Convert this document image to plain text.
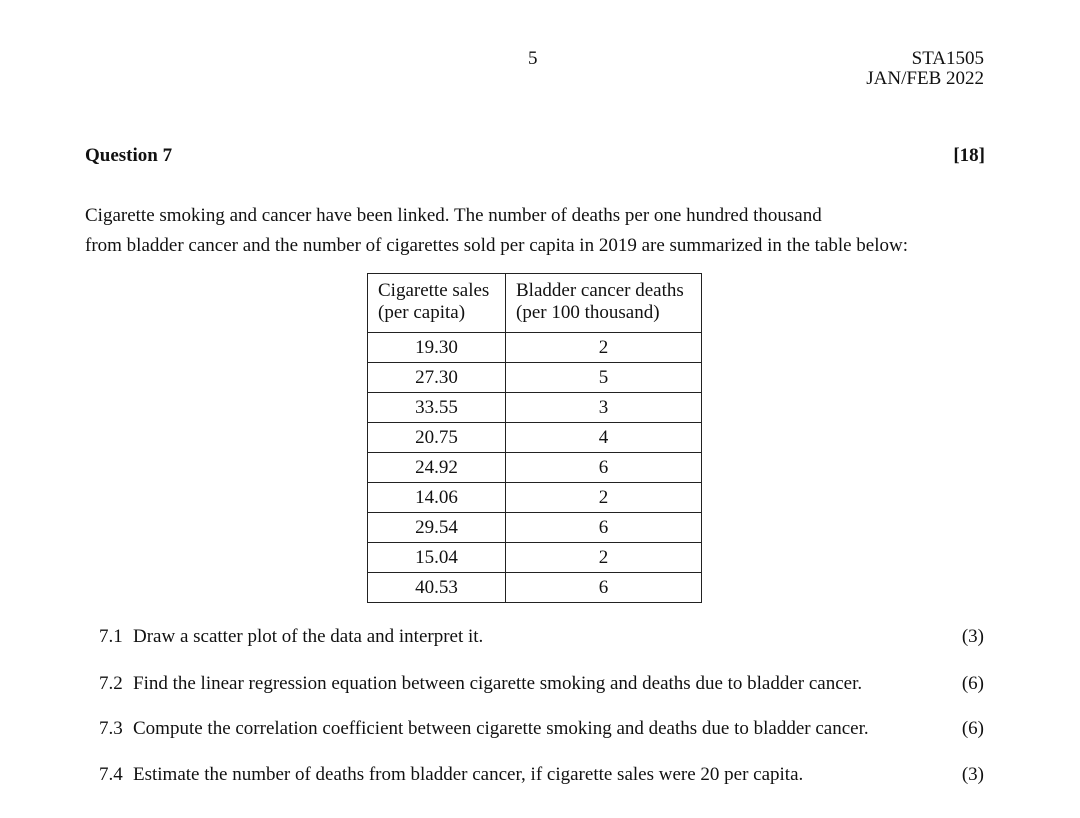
5	STA1505
JAN/FEB 2022
Question 7	[18]
Cigarette smoking and cancer have been linked. The number of deaths per one hundred thousand
from bladder cancer and the number of cigarettes sold per capita in 2019 are summarized in the table below:
Cigarette sales	Bladder cancer deaths
(per capita)	(per 100 thousand)
19.30	2
27.30	5
33.55	3
20.75	4
24.92	6
14.06	2
29.54	6
15.04	2
40.53	6
7.1 Draw a scatter plot of the data and interpret it.	(3)
7.2 Find the linear regression equation between cigarette smoking and deaths due to bladder cancer.	(6)
7.3 Compute the correlation coefficient between cigarette smoking and deaths due to bladder cancer.	(6)
7.4 Estimate the number of deaths from bladder cancer, if cigarette sales were 20 per capita.	(3)
